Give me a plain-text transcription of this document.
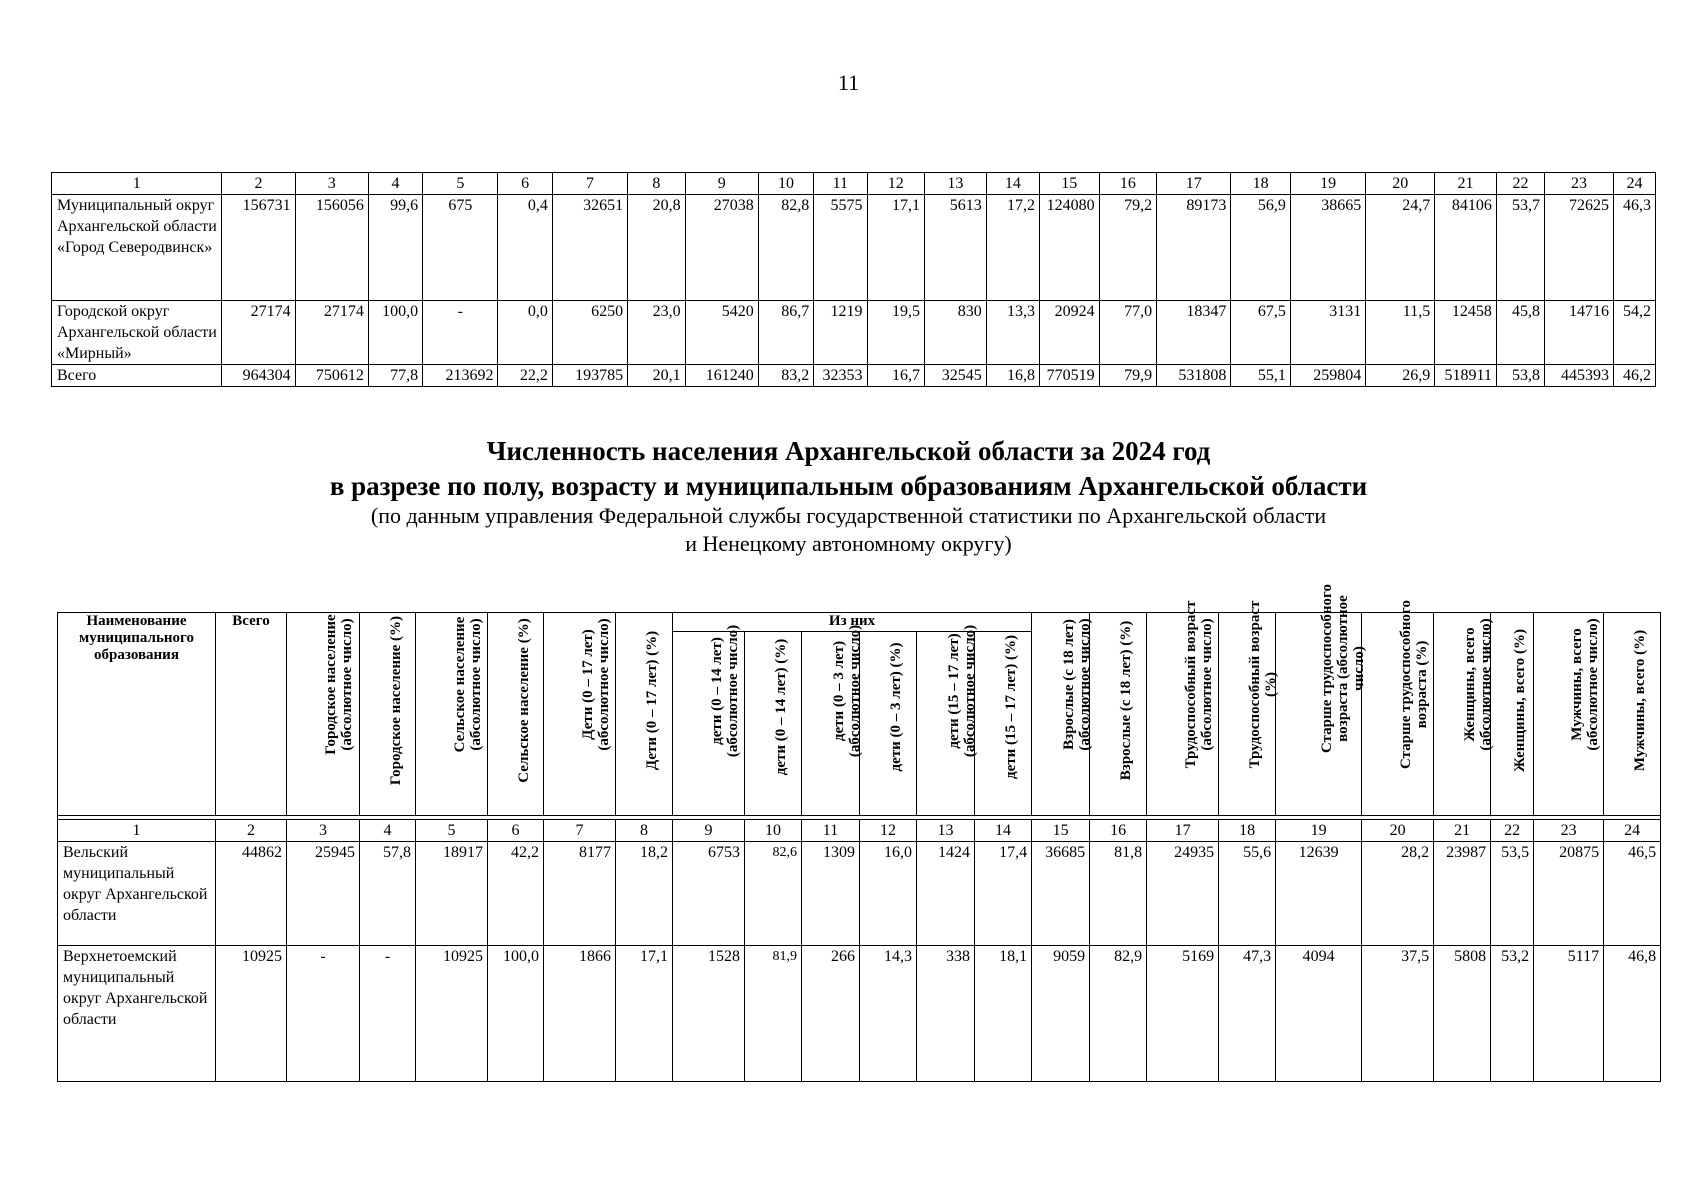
11
1	2	3	4	5	6	7	8	9	10	11	12	13	14	15	16	17	18	19	20	21	22	23	24
Муниципальный округ Архангельской области «Город Северодвинск»	156731	156056	99,6	675	0,4	32651	20,8	27038	82,8	5575	17,1	5613	17,2	124080	79,2	89173	56,9	38665	24,7	84106	53,7	72625	46,3
Городской округ Архангельской области «Мирный»	27174	27174	100,0	-	0,0	6250	23,0	5420	86,7	1219	19,5	830	13,3	20924	77,0	18347	67,5	3131	11,5	12458	45,8	14716	54,2
Всего	964304	750612	77,8	213692	22,2	193785	20,1	161240	83,2	32353	16,7	32545	16,8	770519	79,9	531808	55,1	259804	26,9	518911	53,8	445393	46,2
Численность населения Архангельской области за 2024 год
в разрезе по полу, возрасту и муниципальным образованиям Архангельской области
(по данным управления Федеральной службы государственной статистики по Архангельской области
и Ненецкому автономному округу)
Наименование муниципального образования	Всего	Городское население (абсолютное число)	Городское население (%)	Сельское население (абсолютное число)	Сельское население (%)	Дети (0 – 17 лет) (абсолютное число)	Дети (0 – 17 лет) (%)	Из них						Взрослые (с 18 лет) (абсолютное число)	Взрослые (с 18 лет) (%)	Трудоспособный возраст (абсолютное число)	Трудоспособный возраст (%)	Старше трудоспособного возраста (абсолютное число)	Старше трудоспособного возраста (%)	Женщины, всего (абсолютное число)	Женщины, всего (%)	Мужчины, всего (абсолютное число)	Мужчины, всего (%)

								дети (0 – 14 лет) (абсолютное число)	дети (0 – 14 лет) (%)	дети (0 – 3 лет) (абсолютное число)	дети (0 – 3 лет) (%)	дети (15 – 17 лет) (абсолютное число)	дети (15 – 17 лет) (%)										

1	2	3	4	5	6	7	8	9	10	11	12	13	14	15	16	17	18	19	20	21	22	23	24
Вельский муниципальный округ Архангельской области	44862	25945	57,8	18917	42,2	8177	18,2	6753	82,6	1309	16,0	1424	17,4	36685	81,8	24935	55,6	12639	28,2	23987	53,5	20875	46,5
Верхнетоемский муниципальный округ Архангельской области	10925	-	-	10925	100,0	1866	17,1	1528	81,9	266	14,3	338	18,1	9059	82,9	5169	47,3	4094	37,5	5808	53,2	5117	46,8
